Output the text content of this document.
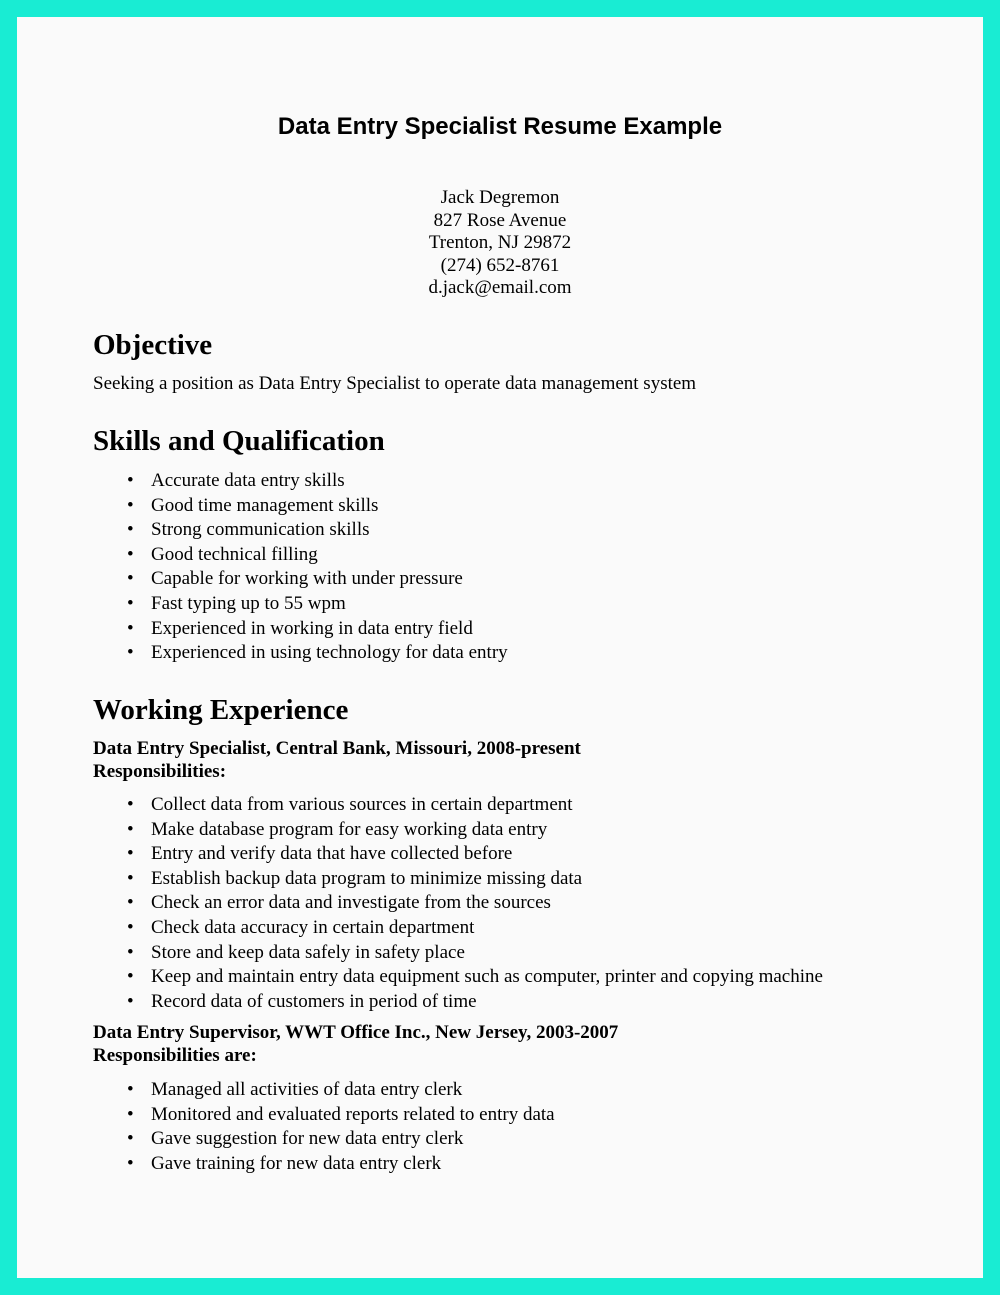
Data Entry Specialist Resume Example
Jack Degremon
827 Rose Avenue
Trenton, NJ 29872
(274) 652-8761
d.jack@email.com
Objective

Seeking a position as Data Entry Specialist to operate data management system

Skills and Qualification
• Accurate data entry skills
• Good time management skills
• Strong communication skills
• Good technical filling
• Capable for working with under pressure
• Fast typing up to 55 wpm
• Experienced in working in data entry field
• Experienced in using technology for data entry
Working Experience
Data Entry Specialist, Central Bank, Missouri, 2008-present
Responsibilities:
• Collect data from various sources in certain department
• Make database program for easy working data entry
• Entry and verify data that have collected before
• Establish backup data program to minimize missing data
• Check an error data and investigate from the sources
• Check data accuracy in certain department
• Store and keep data safely in safety place
• Keep and maintain entry data equipment such as computer, printer and copying machine
• Record data of customers in period of time
Data Entry Supervisor, WWT Office Inc., New Jersey, 2003-2007
Responsibilities are:
• Managed all activities of data entry clerk
• Monitored and evaluated reports related to entry data
• Gave suggestion for new data entry clerk
• Gave training for new data entry clerk
